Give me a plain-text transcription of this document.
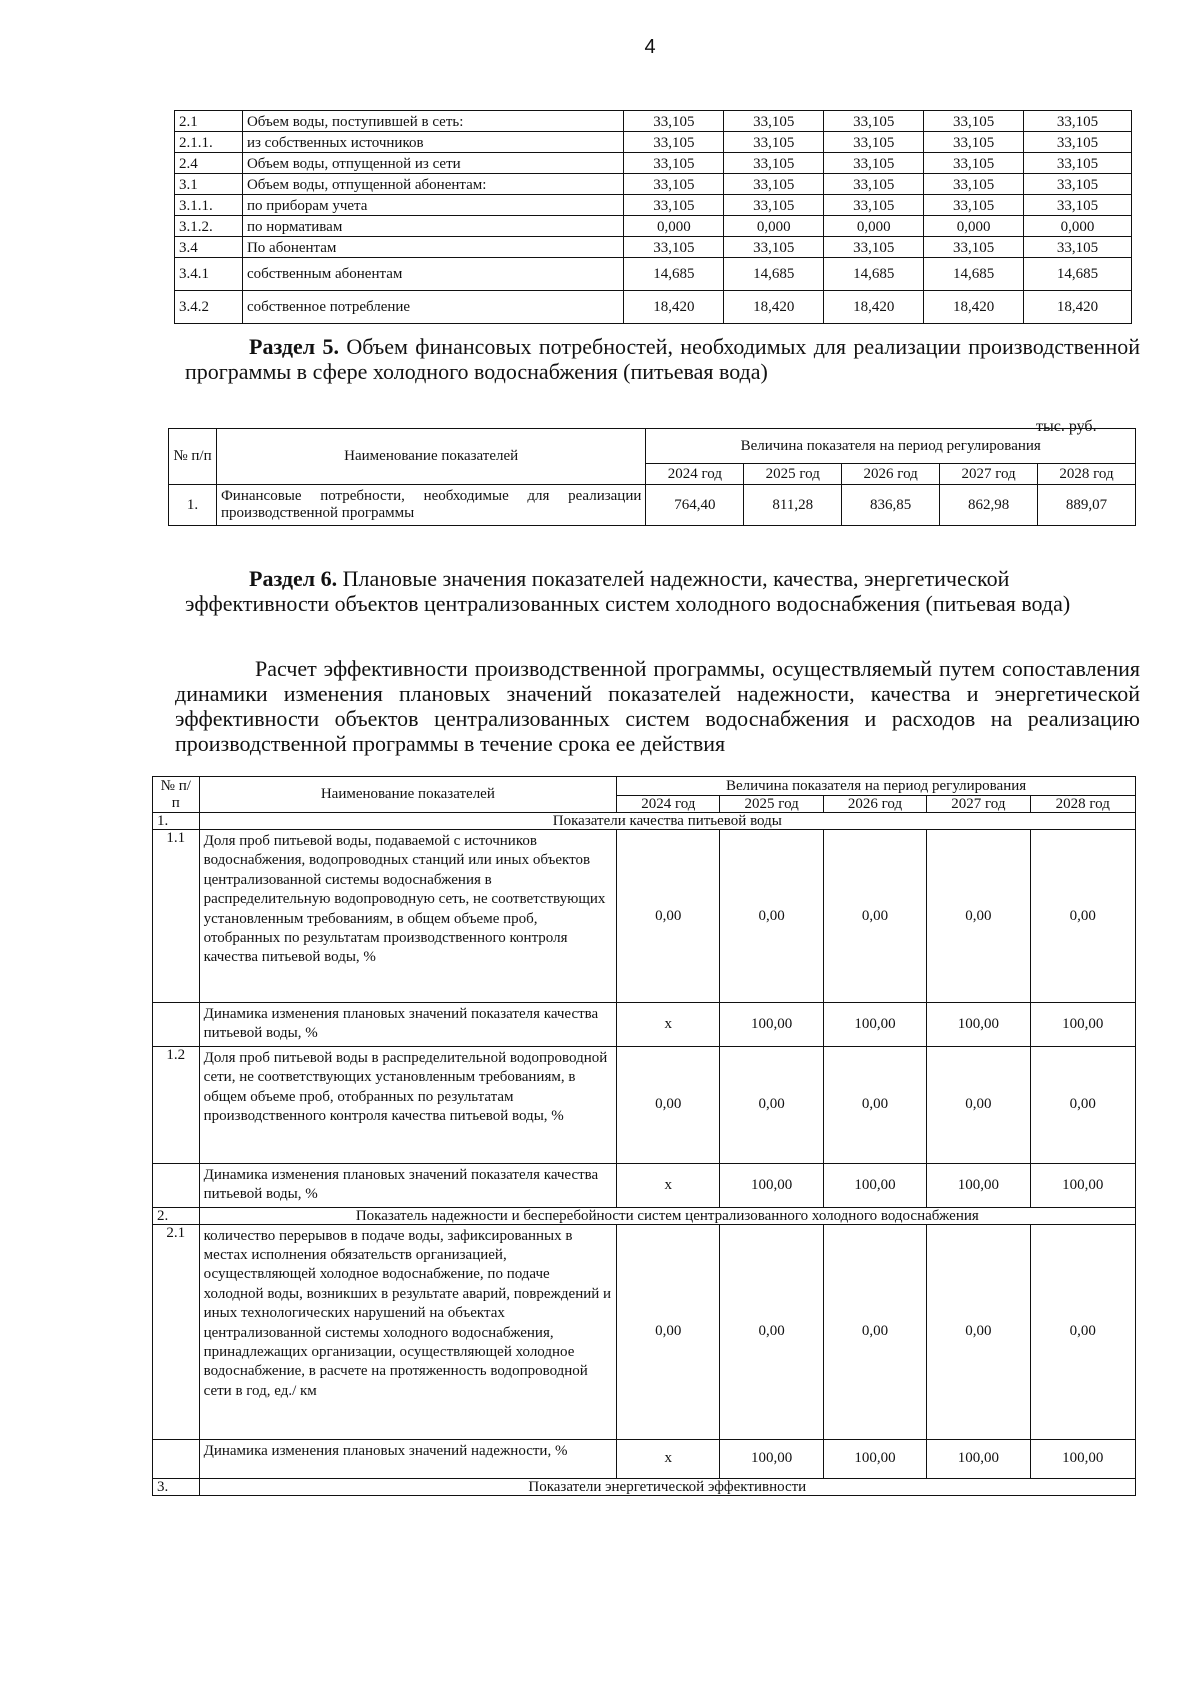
4
2.1	Объем воды, поступившей в сеть:	33,105	33,105	33,105	33,105	33,105
2.1.1.	из собственных источников	33,105	33,105	33,105	33,105	33,105
2.4	Объем воды, отпущенной из сети	33,105	33,105	33,105	33,105	33,105
3.1	Объем воды, отпущенной абонентам:	33,105	33,105	33,105	33,105	33,105
3.1.1.	по приборам учета	33,105	33,105	33,105	33,105	33,105
3.1.2.	по нормативам	0,000	0,000	0,000	0,000	0,000
3.4	По абонентам	33,105	33,105	33,105	33,105	33,105
3.4.1	собственным абонентам	14,685	14,685	14,685	14,685	14,685
3.4.2	собственное потребление	18,420	18,420	18,420	18,420	18,420
Раздел 5. Объем финансовых потребностей, необходимых для реализации производственной программы в сфере холодного водоснабжения (питьевая вода)
тыс. руб.
№ п/п	Наименование показателей	Величина показателя на период регулирования				
		2024 год	2025 год	2026 год	2027 год	2028 год
1.	Финансовые потребности, необходимые для реализации производственной программы	764,40	811,28	836,85	862,98	889,07
Раздел 6. Плановые значения показателей надежности, качества, энергетической эффективности объектов централизованных систем холодного водоснабжения (питьевая вода)
Расчет эффективности производственной программы, осуществляемый путем сопоставления динамики изменения плановых значений показателей надежности, качества и энергетической эффективности объектов централизованных систем водоснабжения и расходов на реализацию производственной программы в течение срока ее действия
№ п/п	Наименование показателей	Величина показателя на период регулирования				
		2024 год	2025 год	2026 год	2027 год	2028 год
1.	Показатели качества питьевой воды					
1.1	Доля проб питьевой воды, подаваемой с источников водоснабжения, водопроводных станций или иных объектов централизованной системы водоснабжения в распределительную водопроводную сеть, не соответствующих установленным требованиям, в общем объеме проб, отобранных по результатам производственного контроля качества питьевой воды, %	0,00	0,00	0,00	0,00	0,00
	Динамика изменения плановых значений показателя качества питьевой воды, %	x	100,00	100,00	100,00	100,00
1.2	Доля проб питьевой воды в распределительной водопроводной сети, не соответствующих установленным требованиям, в общем объеме проб, отобранных по результатам производственного контроля качества питьевой воды, %	0,00	0,00	0,00	0,00	0,00
	Динамика изменения плановых значений показателя качества питьевой воды, %	x	100,00	100,00	100,00	100,00
2.	Показатель надежности и бесперебойности систем централизованного холодного водоснабжения					
2.1	количество перерывов в подаче воды, зафиксированных в местах исполнения обязательств организацией, осуществляющей холодное водоснабжение, по подаче холодной воды, возникших в результате аварий, повреждений и иных технологических нарушений на объектах централизованной системы холодного водоснабжения, принадлежащих организации, осуществляющей холодное водоснабжение, в расчете на протяженность водопроводной сети в год, ед./ км	0,00	0,00	0,00	0,00	0,00
	Динамика изменения плановых значений надежности, %	x	100,00	100,00	100,00	100,00
3.	Показатели энергетической эффективности					
